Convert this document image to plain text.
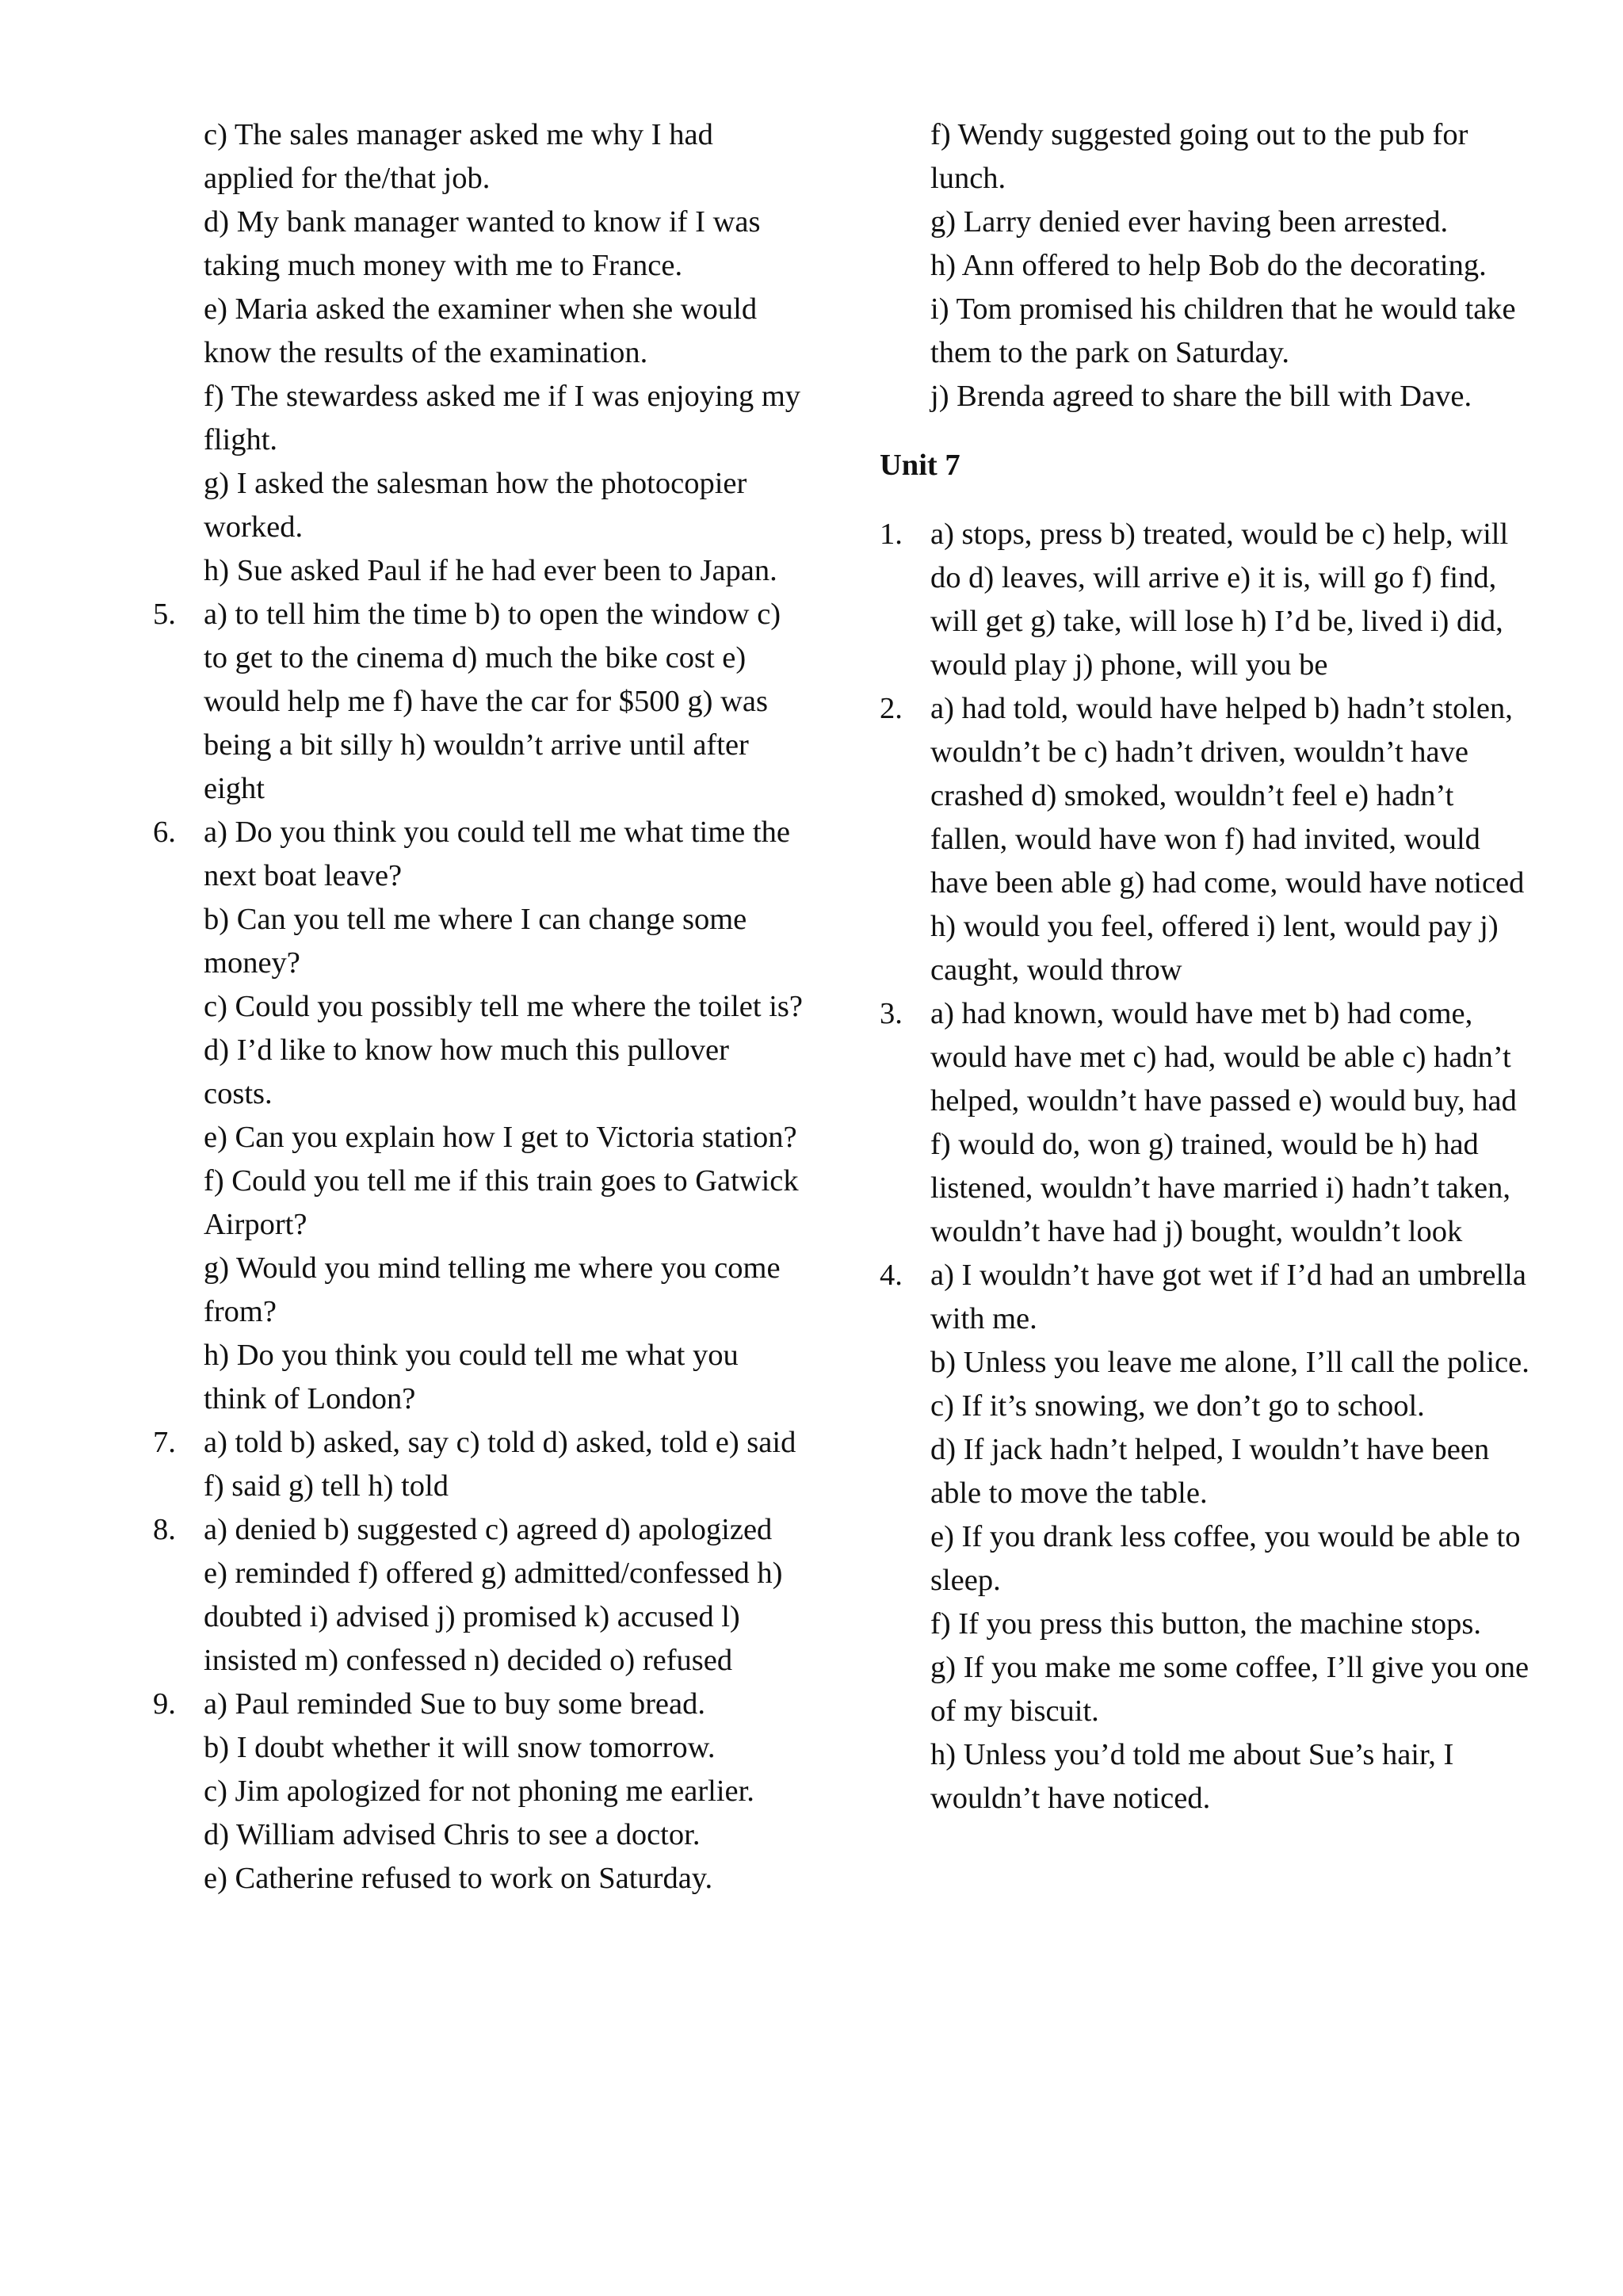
c) The sales manager asked me why I had applied for the/that job.
d) My bank manager wanted to know if I was taking much money with me to France.
e) Maria asked the examiner when she would know the results of the examination.
f) The stewardess asked me if I was enjoying my flight.
g) I asked the salesman how the photocopier worked.
h) Sue asked Paul if he had ever been to Japan.
5. a) to tell him the time b) to open the window c) to get to the cinema d) much the bike cost e) would help me f) have the car for $500 g) was being a bit silly h) wouldn’t arrive until after eight
6. a) Do you think you could tell me what time the next boat leave?
b) Can you tell me where I can change some money?
c) Could you possibly tell me where the toilet is?
d) I’d like to know how much this pullover costs.
e) Can you explain how I get to Victoria station?
f) Could you tell me if this train goes to Gatwick Airport?
g) Would you mind telling me where you come from?
h) Do you think you could tell me what you think of London?
7. a) told b) asked, say c) told d) asked, told e) said f) said g) tell h) told
8. a) denied b) suggested c) agreed d) apologized e) reminded f) offered g) admitted/confessed h) doubted i) advised j) promised k) accused l) insisted m) confessed n) decided o) refused
9. a) Paul reminded Sue to buy some bread.
b) I doubt whether it will snow tomorrow.
c) Jim apologized for not phoning me earlier.
d) William advised Chris to see a doctor.
e) Catherine refused to work on Saturday.
f) Wendy suggested going out to the pub for lunch.
g) Larry denied ever having been arrested.
h) Ann offered to help Bob do the decorating.
i) Tom promised his children that he would take them to the park on Saturday.
j) Brenda agreed to share the bill with Dave.
Unit 7
1. a) stops, press b) treated, would be c) help, will do d) leaves, will arrive e) it is, will go f) find, will get g) take, will lose h) I’d be, lived i) did, would play j) phone, will you be
2. a) had told, would have helped b) hadn’t stolen, wouldn’t be c) hadn’t driven, wouldn’t have crashed d) smoked, wouldn’t feel e) hadn’t fallen, would have won f) had invited, would have been able g) had come, would have noticed h) would you feel, offered i) lent, would pay j) caught, would throw
3. a) had known, would have met b) had come, would have met c) had, would be able c) hadn’t helped, wouldn’t have passed e) would buy, had f) would do, won g) trained, would be h) had listened, wouldn’t have married i) hadn’t taken, wouldn’t have had j) bought, wouldn’t look
4. a) I wouldn’t have got wet if I’d had an umbrella with me.
b) Unless you leave me alone, I’ll call the police.
c) If it’s snowing, we don’t go to school.
d) If jack hadn’t helped, I wouldn’t have been able to move the table.
e) If you drank less coffee, you would be able to sleep.
f) If you press this button, the machine stops.
g) If you make me some coffee, I’ll give you one of my biscuit.
h) Unless you’d told me about Sue’s hair, I wouldn’t have noticed.
